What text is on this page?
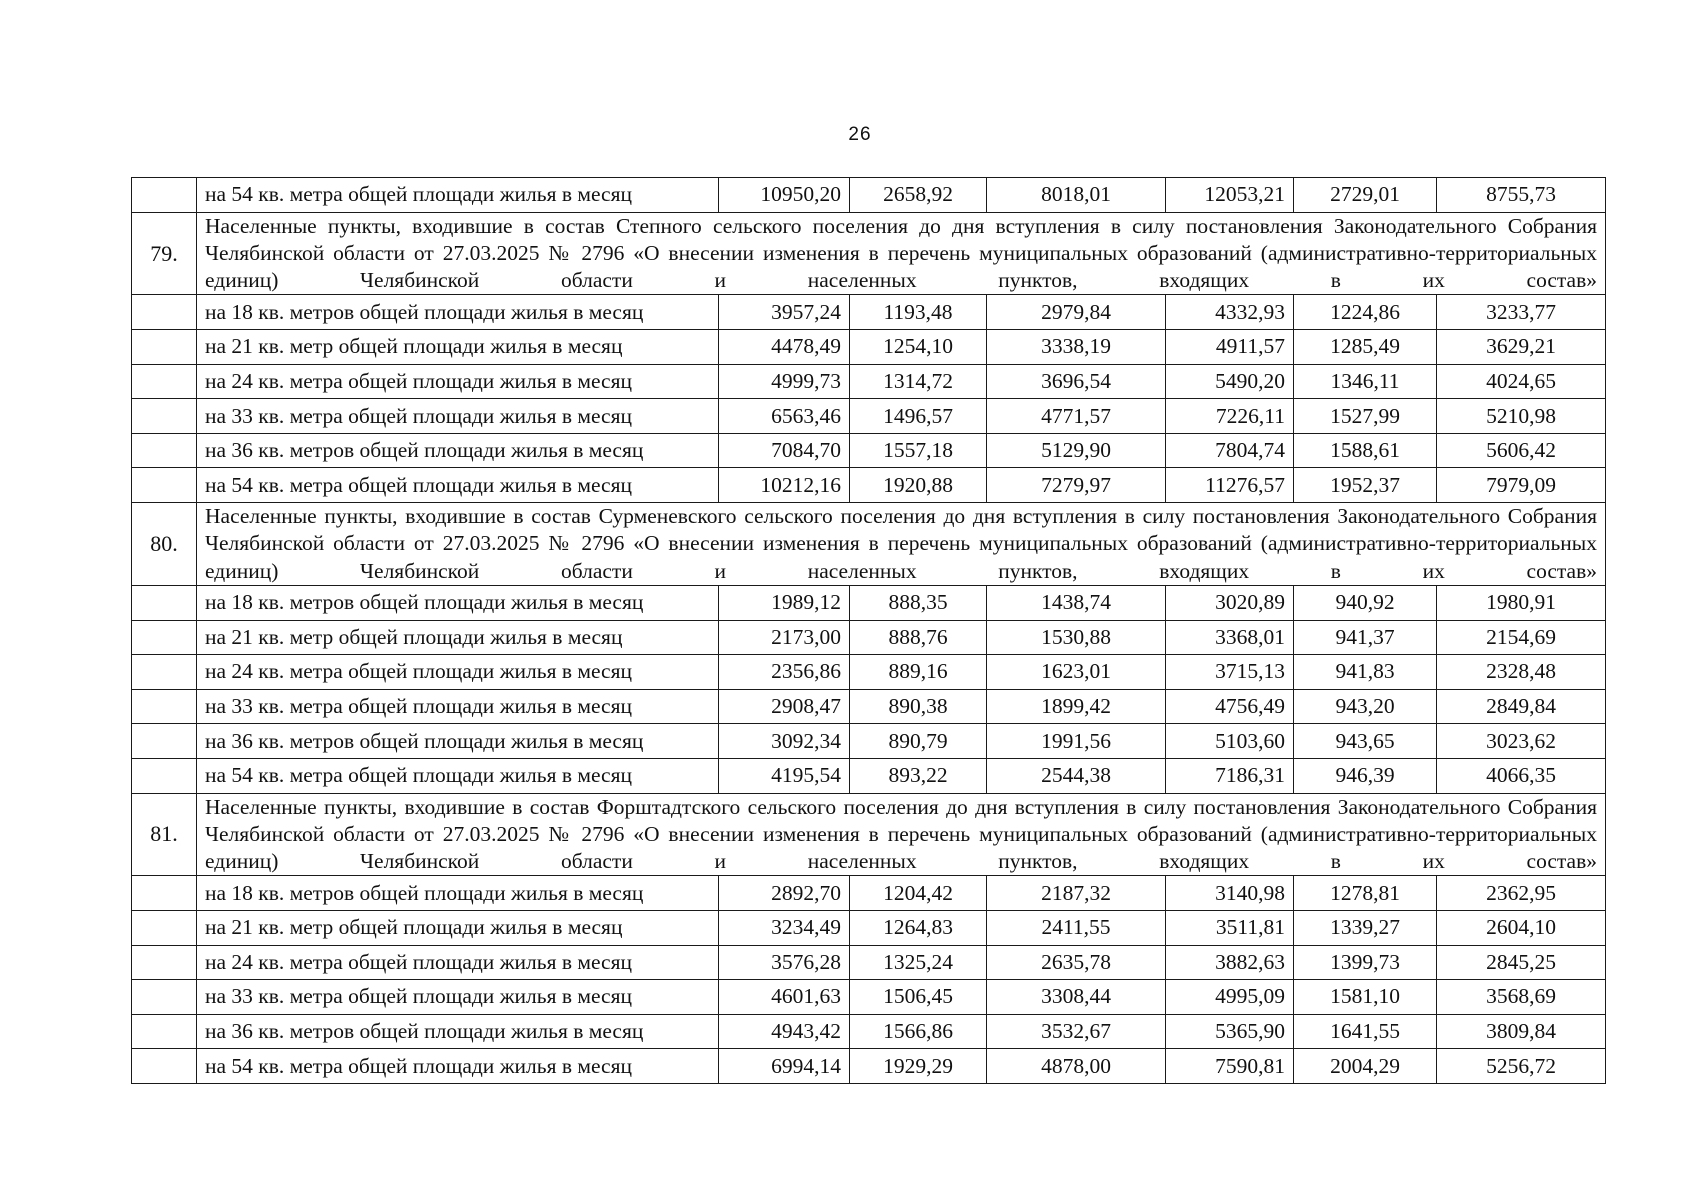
26
	на 54 кв. метра общей площади жилья в месяц	10950,20	2658,92	8018,01	12053,21	2729,01	8755,73
79.	Населенные пункты, входившие в состав Степного сельского поселения до дня вступления в силу постановления Законодательного Собрания Челябинской области от 27.03.2025 № 2796 «О внесении изменения в перечень муниципальных образований (административно-территориальных единиц) Челябинской области и населенных пунктов, входящих в их состав»						
	на 18 кв. метров общей площади жилья в месяц	3957,24	1193,48	2979,84	4332,93	1224,86	3233,77
	на 21 кв. метр общей площади жилья в месяц	4478,49	1254,10	3338,19	4911,57	1285,49	3629,21
	на 24 кв. метра общей площади жилья в месяц	4999,73	1314,72	3696,54	5490,20	1346,11	4024,65
	на 33 кв. метра общей площади жилья в месяц	6563,46	1496,57	4771,57	7226,11	1527,99	5210,98
	на 36 кв. метров общей площади жилья в месяц	7084,70	1557,18	5129,90	7804,74	1588,61	5606,42
	на 54 кв. метра общей площади жилья в месяц	10212,16	1920,88	7279,97	11276,57	1952,37	7979,09
80.	Населенные пункты, входившие в состав Сурменевского сельского поселения до дня вступления в силу постановления Законодательного Собрания Челябинской области от 27.03.2025 № 2796 «О внесении изменения в перечень муниципальных образований (административно-территориальных единиц) Челябинской области и населенных пунктов, входящих в их состав»						
	на 18 кв. метров общей площади жилья в месяц	1989,12	888,35	1438,74	3020,89	940,92	1980,91
	на 21 кв. метр общей площади жилья в месяц	2173,00	888,76	1530,88	3368,01	941,37	2154,69
	на 24 кв. метра общей площади жилья в месяц	2356,86	889,16	1623,01	3715,13	941,83	2328,48
	на 33 кв. метра общей площади жилья в месяц	2908,47	890,38	1899,42	4756,49	943,20	2849,84
	на 36 кв. метров общей площади жилья в месяц	3092,34	890,79	1991,56	5103,60	943,65	3023,62
	на 54 кв. метра общей площади жилья в месяц	4195,54	893,22	2544,38	7186,31	946,39	4066,35
81.	Населенные пункты, входившие в состав Форштадтского сельского поселения до дня вступления в силу постановления Законодательного Собрания Челябинской области от 27.03.2025 № 2796 «О внесении изменения в перечень муниципальных образований (административно-территориальных единиц) Челябинской области и населенных пунктов, входящих в их состав»						
	на 18 кв. метров общей площади жилья в месяц	2892,70	1204,42	2187,32	3140,98	1278,81	2362,95
	на 21 кв. метр общей площади жилья в месяц	3234,49	1264,83	2411,55	3511,81	1339,27	2604,10
	на 24 кв. метра общей площади жилья в месяц	3576,28	1325,24	2635,78	3882,63	1399,73	2845,25
	на 33 кв. метра общей площади жилья в месяц	4601,63	1506,45	3308,44	4995,09	1581,10	3568,69
	на 36 кв. метров общей площади жилья в месяц	4943,42	1566,86	3532,67	5365,90	1641,55	3809,84
	на 54 кв. метра общей площади жилья в месяц	6994,14	1929,29	4878,00	7590,81	2004,29	5256,72
